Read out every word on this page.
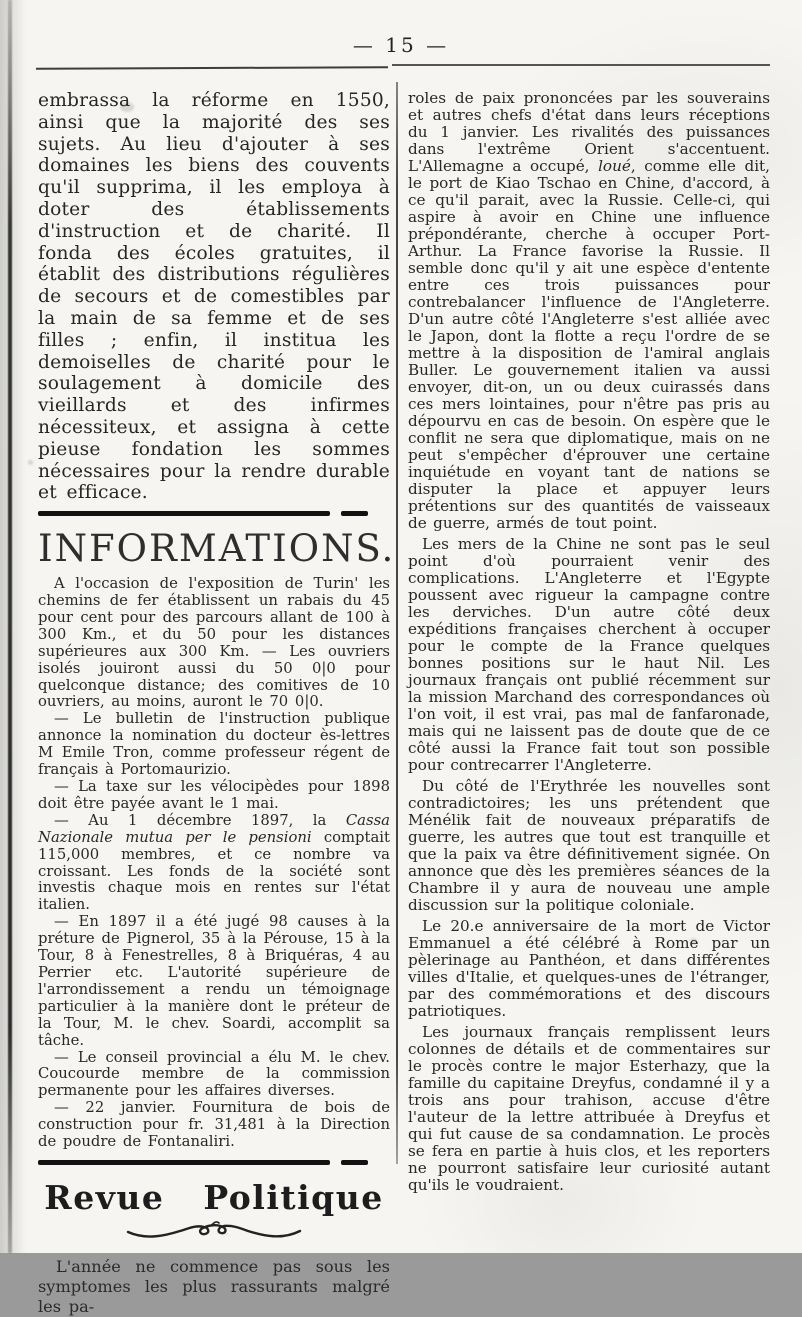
— 15 —

embrassa la réforme en 1550, ainsi que la majorité des ses sujets. Au lieu d'ajouter à ses domaines les biens des couvents qu'il supprima, il les employa à doter des établissements d'instruction et de charité. Il fonda des écoles gratuites, il établit des distributions régulières de secours et de comestibles par la main de sa femme et de ses filles ; enfin, il institua les demoiselles de charité pour le soulagement à domicile des vieillards et des infirmes nécessiteux, et assigna à cette pieuse fondation les sommes nécessaires pour la rendre durable et efficace.

INFORMATIONS.

A l'occasion de l'exposition de Turin' les chemins de fer établissent un rabais du 45 pour cent pour des parcours allant de 100 à 300 Km., et du 50 pour les distances supérieures aux 300 Km. — Les ouvriers isolés jouiront aussi du 50 0|0 pour quelconque distance; des comitives de 10 ouvriers, au moins, auront le 70 0|0.

— Le bulletin de l'instruction publique annonce la nomination du docteur ès-lettres M Emile Tron, comme professeur régent de français à Portomaurizio.

— La taxe sur les vélocipèdes pour 1898 doit être payée avant le 1 mai.

— Au 1 décembre 1897, la Cassa Nazionale mutua per le pensioni comptait 115,000 membres, et ce nombre va croissant. Les fonds de la société sont investis chaque mois en rentes sur l'état italien.

— En 1897 il a été jugé 98 causes à la préture de Pignerol, 35 à la Pérouse, 15 à la Tour, 8 à Fenestrelles, 8 à Briquéras, 4 au Perrier etc. L'autorité supérieure de l'arrondissement a rendu un témoignage particulier à la manière dont le préteur de la Tour, M. le chev. Soardi, accomplit sa tâche.

— Le conseil provincial a élu M. le chev. Coucourde membre de la commission permanente pour les affaires diverses.

— 22 janvier. Fournitura de bois de construction pour fr. 31,481 à la Direction de poudre de Fontanaliri.

Revue Politique

L'année ne commence pas sous les symptomes les plus rassurants malgré les pa-

roles de paix prononcées par les souverains et autres chefs d'état dans leurs réceptions du 1 janvier. Les rivalités des puissances dans l'extrême Orient s'accentuent. L'Allemagne a occupé, loué, comme elle dit, le port de Kiao Tschao en Chine, d'accord, à ce qu'il parait, avec la Russie. Celle-ci, qui aspire à avoir en Chine une influence prépondérante, cherche à occuper Port-Arthur. La France favorise la Russie. Il semble donc qu'il y ait une espèce d'entente entre ces trois puissances pour contrebalancer l'influence de l'Angleterre. D'un autre côté l'Angleterre s'est alliée avec le Japon, dont la flotte a reçu l'ordre de se mettre à la disposition de l'amiral anglais Buller. Le gouvernement italien va aussi envoyer, dit-on, un ou deux cuirassés dans ces mers lointaines, pour n'être pas pris au dépourvu en cas de besoin. On espère que le conflit ne sera que diplomatique, mais on ne peut s'empêcher d'éprouver une certaine inquiétude en voyant tant de nations se disputer la place et appuyer leurs prétentions sur des quantités de vaisseaux de guerre, armés de tout point.

Les mers de la Chine ne sont pas le seul point d'où pourraient venir des complications. L'Angleterre et l'Egypte poussent avec rigueur la campagne contre les derviches. D'un autre côté deux expéditions françaises cherchent à occuper pour le compte de la France quelques bonnes positions sur le haut Nil. Les journaux français ont publié récemment sur la mission Marchand des correspondances où l'on voit, il est vrai, pas mal de fanfaronade, mais qui ne laissent pas de doute que de ce côté aussi la France fait tout son possible pour contrecarrer l'Angleterre.

Du côté de l'Erythrée les nouvelles sont contradictoires; les uns prétendent que Ménélik fait de nouveaux préparatifs de guerre, les autres que tout est tranquille et que la paix va être définitivement signée. On annonce que dès les premières séances de la Chambre il y aura de nouveau une ample discussion sur la politique coloniale.

Le 20.e anniversaire de la mort de Victor Emmanuel a été célébré à Rome par un pèlerinage au Panthéon, et dans différentes villes d'Italie, et quelques-unes de l'étranger, par des commémorations et des discours patriotiques.

Les journaux français remplissent leurs colonnes de détails et de commentaires sur le procès contre le major Esterhazy, que la famille du capitaine Dreyfus, condamné il y a trois ans pour trahison, accuse d'être l'auteur de la lettre attribuée à Dreyfus et qui fut cause de sa condamnation. Le procès se fera en partie à huis clos, et les reporters ne pourront satisfaire leur curiosité autant qu'ils le voudraient.
